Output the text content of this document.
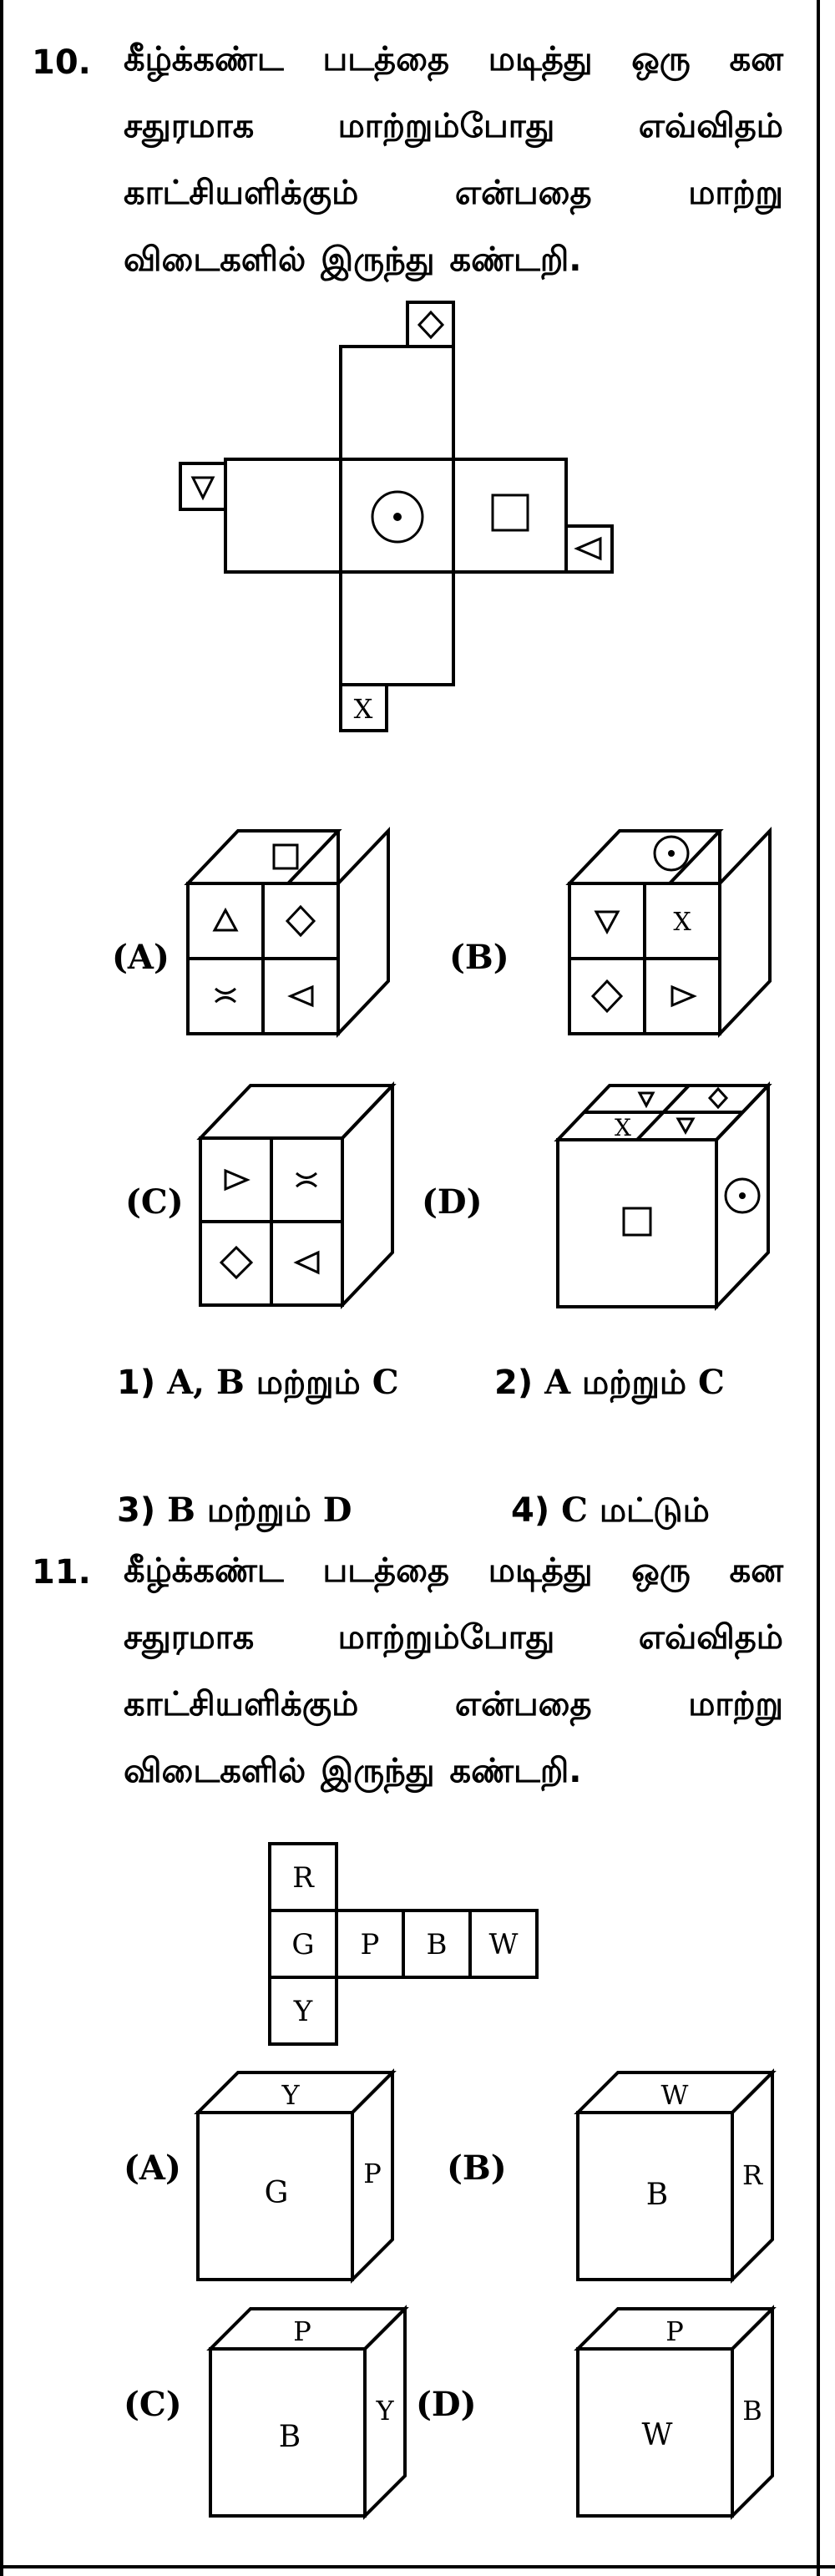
10. கீழ்க்கண்ட படத்தை மடித்து ஒரு கன
சதுரமாக	மாற்றும்போது	எவ்விதம்
காட்சியளிக்கும்	என்பதை	மாற்று
விடைகளில் இருந்து கண்டறி.
X
(A)
X
(B)
(C)
X
(D)
1) A, B மற்றும் C	2) A மற்றும் C
3) B மற்றும் D	4) C மட்டும்
11. கீழ்க்கண்ட படத்தை மடித்து ஒரு கன
சதுரமாக	மாற்றும்போது	எவ்விதம்
காட்சியளிக்கும்	என்பதை	மாற்று
விடைகளில் இருந்து கண்டறி.
R
G P B W
Y
Y
G
P
(A)
W
B
R
(B)
P
B
Y
(C)
P
W
B
(D)
